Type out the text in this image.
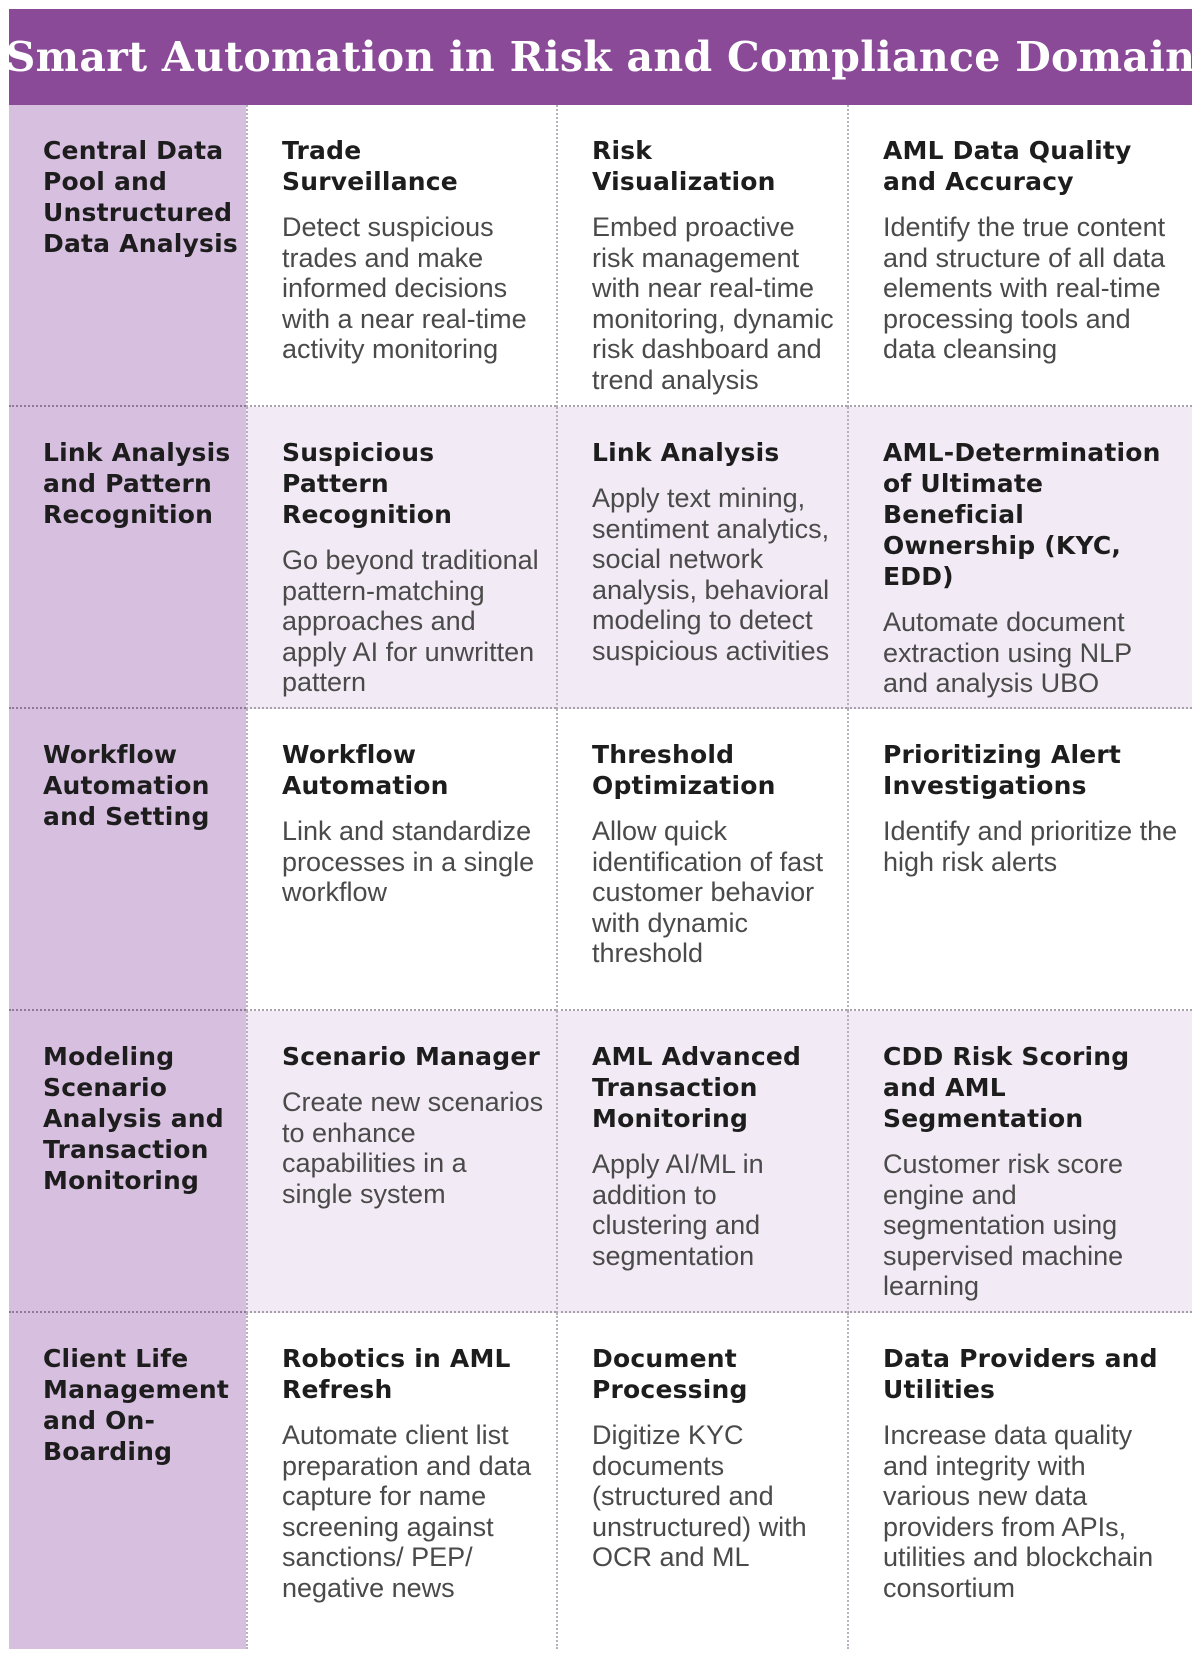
Smart Automation in Risk and Compliance Domain
Central Data Pool and Unstructured Data Analysis
Trade Surveillance

Detect suspicious trades and make informed decisions with a near real-time activity monitoring

Risk Visualization

Embed proactive risk management with near real-time monitoring, dynamic risk dashboard and trend analysis

AML Data Quality and Accuracy

Identify the true content and structure of all data elements with real-time processing tools and data cleansing

Link Analysis and Pattern Recognition
Suspicious Pattern Recognition

Go beyond traditional pattern-matching approaches and apply AI for unwritten pattern

Link Analysis

Apply text mining, sentiment analytics, social network analysis, behavioral modeling to detect suspicious activities

AML-Determination of Ultimate Beneficial Ownership (KYC, EDD)

Automate document extraction using NLP and analysis UBO

Workflow Automation and Setting
Workflow Automation

Link and standardize processes in a single workflow

Threshold Optimization

Allow quick identification of fast customer behavior with dynamic threshold

Prioritizing Alert Investigations

Identify and prioritize the high risk alerts

Modeling Scenario Analysis and Transaction Monitoring
Scenario Manager

Create new scenarios to enhance capabilities in a single system

AML Advanced Transaction Monitoring

Apply AI/ML in addition to clustering and segmentation

CDD Risk Scoring and AML Segmentation

Customer risk score engine and segmentation using supervised machine learning

Client Life Management and On-Boarding
Robotics in AML Refresh

Automate client list preparation and data capture for name screening against sanctions/ PEP/ negative news

Document Processing

Digitize KYC documents (structured and unstructured) with OCR and ML

Data Providers and Utilities

Increase data quality and integrity with various new data providers from APIs, utilities and blockchain consortium
